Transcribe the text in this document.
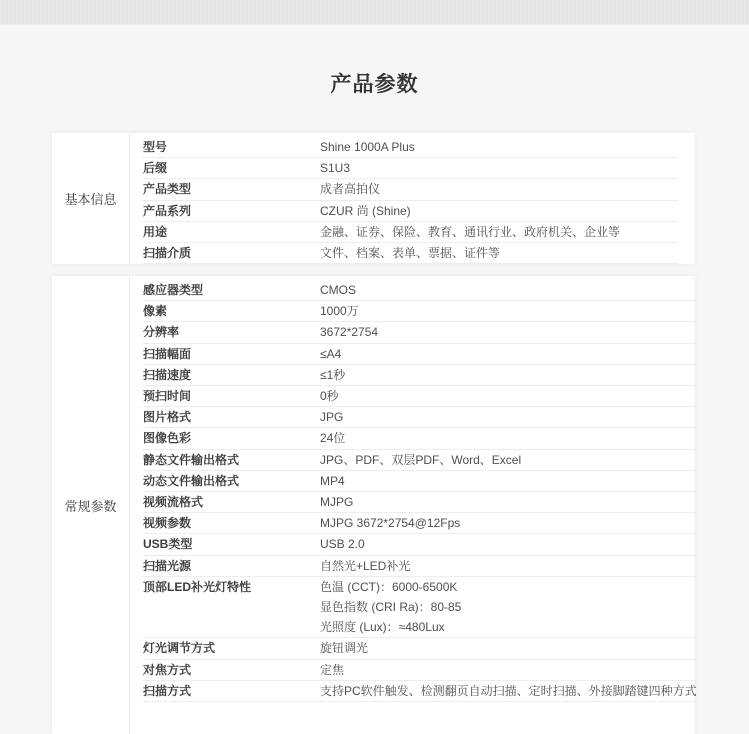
产品参数
基本信息
型号	Shine 1000A Plus
后缀	S1U3
产品类型	成者高拍仪
产品系列	CZUR 尚 (Shine)
用途	金融、证券、保险、教育、通讯行业、政府机关、企业等
扫描介质	文件、档案、表单、票据、证件等
常规参数
感应器类型	CMOS
像素	1000万
分辨率	3672*2754
扫描幅面	≤A4
扫描速度	≤1秒
预扫时间	0秒
图片格式	JPG
图像色彩	24位
静态文件输出格式	JPG、PDF、双层PDF、Word、Excel
动态文件输出格式	MP4
视频流格式	MJPG
视频参数	MJPG 3672*2754@12Fps
USB类型	USB 2.0
扫描光源	自然光+LED补光
顶部LED补光灯特性	色温 (CCT)：6000-6500K
显色指数 (CRI Ra)：80-85
光照度 (Lux)：≈480Lux
灯光调节方式	旋钮调光
对焦方式	定焦
扫描方式	支持PC软件触发、检测翻页自动扫描、定时扫描、外接脚踏键四种方式
